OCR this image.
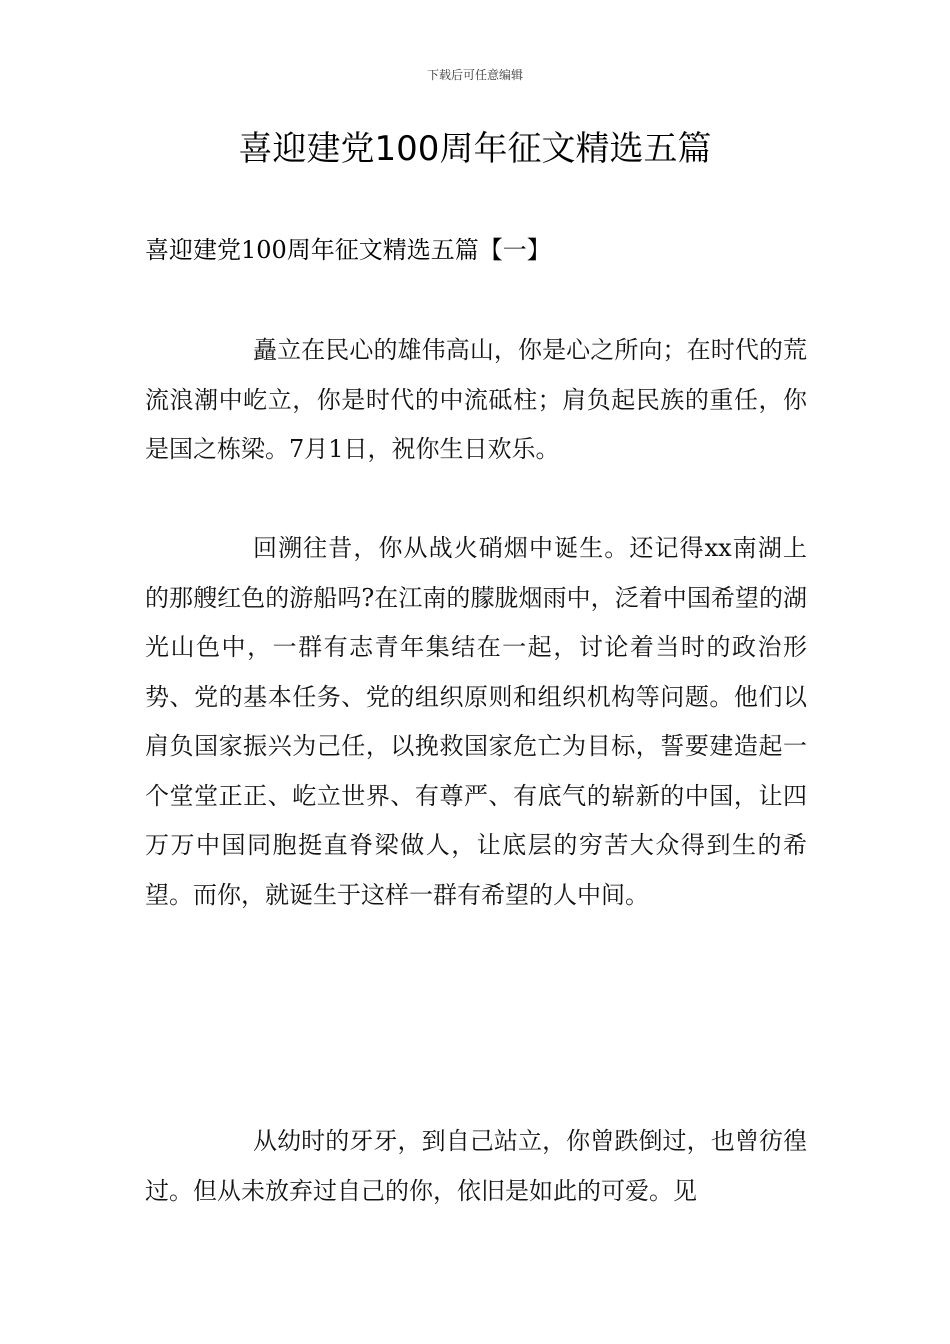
下载后可任意编辑
喜迎建党100周年征文精选五篇
喜迎建党100周年征文精选五篇【一】

矗立在民心的雄伟高山，你是心之所向；在时代的荒流浪潮中屹立，你是时代的中流砥柱；肩负起民族的重任，你是国之栋梁。7月1日，祝你生日欢乐。

回溯往昔，你从战火硝烟中诞生。还记得xx南湖上的那艘红色的游船吗?在江南的朦胧烟雨中，泛着中国希望的湖光山色中，一群有志青年集结在一起，讨论着当时的政治形势、党的基本任务、党的组织原则和组织机构等问题。他们以肩负国家振兴为己任，以挽救国家危亡为目标，誓要建造起一个堂堂正正、屹立世界、有尊严、有底气的崭新的中国，让四万万中国同胞挺直脊梁做人，让底层的穷苦大众得到生的希望。而你，就诞生于这样一群有希望的人中间。

从幼时的牙牙，到自己站立，你曾跌倒过，也曾彷徨过。但从未放弃过自己的你，依旧是如此的可爱。见
